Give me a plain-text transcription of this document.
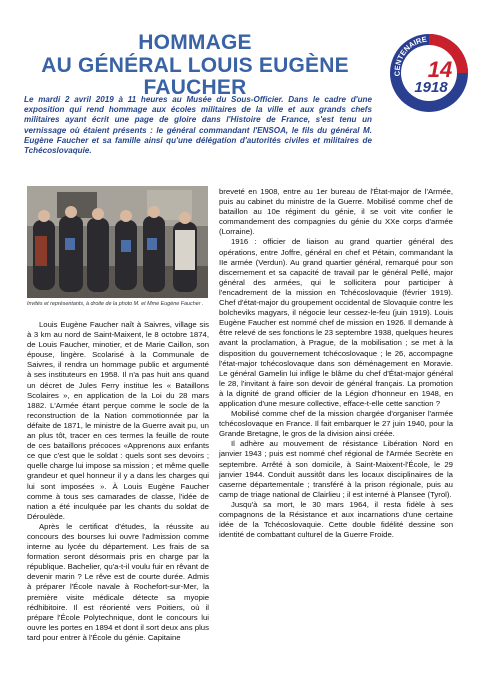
HOMMAGE
AU GÉNÉRAL LOUIS EUGÈNE FAUCHER
CENTENAIRE
14
1918
Le mardi 2 avril 2019 à 11 heures au Musée du Sous-Officier. Dans le cadre d'une exposition qui rend hommage aux écoles militaires de la ville et aux grands chefs militaires ayant écrit une page de gloire dans l'Histoire de France, s'est tenu un vernissage où étaient présents : le général commandant l'ENSOA, le fils du général M. Eugène Faucher et sa famille ainsi qu'une délégation d'autorités civiles et militaires de Tchécoslovaquie.
Invités et représentants, à droite de la photo M. et Mme Eugène Faucher .

Louis Eugène Faucher naît à Saivres, village sis à 3 km au nord de Saint-Maixent, le 8 octobre 1874, de Louis Faucher, minotier, et de Marie Caillon, son épouse, lingère. Scolarisé à la Communale de Saivres, il rendra un hommage public et argumenté à ses instituteurs en 1958. Il n'a pas huit ans quand un décret de Jules Ferry institue les « Bataillons Scolaires », en application de la Loi du 28 mars 1882. L'Armée étant perçue comme le socle de la reconstruction de la Nation commotionnée par la défaite de 1871, le ministre de la Guerre avait pu, un an plus tôt, tracer en ces termes la feuille de route de ces bataillons précoces «Apprenons aux enfants ce que c'est que le soldat : quels sont ses devoirs ; quelle charge lui impose sa mission ; et même quelle grandeur et quel honneur il y a dans les charges qui lui sont imposées ». À Louis Eugène Faucher comme à tous ses camarades de classe, l'idée de nation a été inculquée par les chants du soldat de Déroulède.

Après le certificat d'études, la réussite au concours des bourses lui ouvre l'admission comme interne au lycée du département. Les frais de sa formation seront désormais pris en charge par la république. Bachelier, qu'a-t-il voulu fuir en rêvant de devenir marin ? Le rêve est de courte durée. Admis à préparer l'École navale à Rochefort-sur-Mer, la première visite médicale détecte sa myopie rédhibitoire. Il est réorienté vers Poitiers, où il prépare l'École Polytechnique, dont le concours lui ouvre les portes en 1894 et dont il sort deux ans plus tard pour entrer à l'École du génie. Capitaine

breveté en 1908, entre au 1er bureau de l'État-major de l'Armée, puis au cabinet du ministre de la Guerre. Mobilisé comme chef de bataillon au 10e régiment du génie, il se voit vite confier le commandement des compagnies du génie du XXe corps d'armée (Lorraine).

1916 : officier de liaison au grand quartier général des opérations, entre Joffre, général en chef et Pétain, commandant la IIe armée (Verdun). Au grand quartier général, remarqué pour son discernement et sa capacité de travail par le général Pellé, major général des armées, qui le sollicitera pour participer à l'encadrement de la mission en Tchécoslovaquie (février 1919). Chef d'état-major du groupement occidental de Slovaquie contre les bolcheviks magyars, il négocie leur cessez-le-feu (juin 1919). Louis Eugène Faucher est nommé chef de mission en 1926. Il demande à être relevé de ses fonctions le 23 septembre 1938, quelques heures avant la proclamation, à Prague, de la mobilisation ; se met à la disposition du gouvernement tchécoslovaque ; le 26, accompagne l'état-major tchécoslovaque dans son déménagement en Moravie. Le général Gamelin lui inflige le blâme du chef d'État-major général le 28, l'invitant à faire son devoir de général français. La promotion à la dignité de grand officier de la Légion d'honneur en 1948, en application d'une mesure collective, efface-t-elle cette sanction ?

Mobilisé comme chef de la mission chargée d'organiser l'armée tchécoslovaque en France. Il fait embarquer le 27 juin 1940, pour la Grande Bretagne, le gros de la division ainsi créée.

Il adhère au mouvement de résistance Libération Nord en janvier 1943 ; puis est nommé chef régional de l'Armée Secrète en septembre. Arrêté à son domicile, à Saint-Maixent-l'École, le 29 janvier 1944. Conduit aussitôt dans les locaux disciplinaires de la caserne départementale ; transféré à la prison régionale, puis au camp de triage national de Clairlieu ; il est interné à Plansee (Tyrol).

Jusqu'à sa mort, le 30 mars 1964, il resta fidèle à ses compagnons de la Résistance et aux incarnations d'une certaine idée de la Tchécoslovaquie. Cette double fidélité dessine son identité de combattant culturel de la Guerre Froide.
